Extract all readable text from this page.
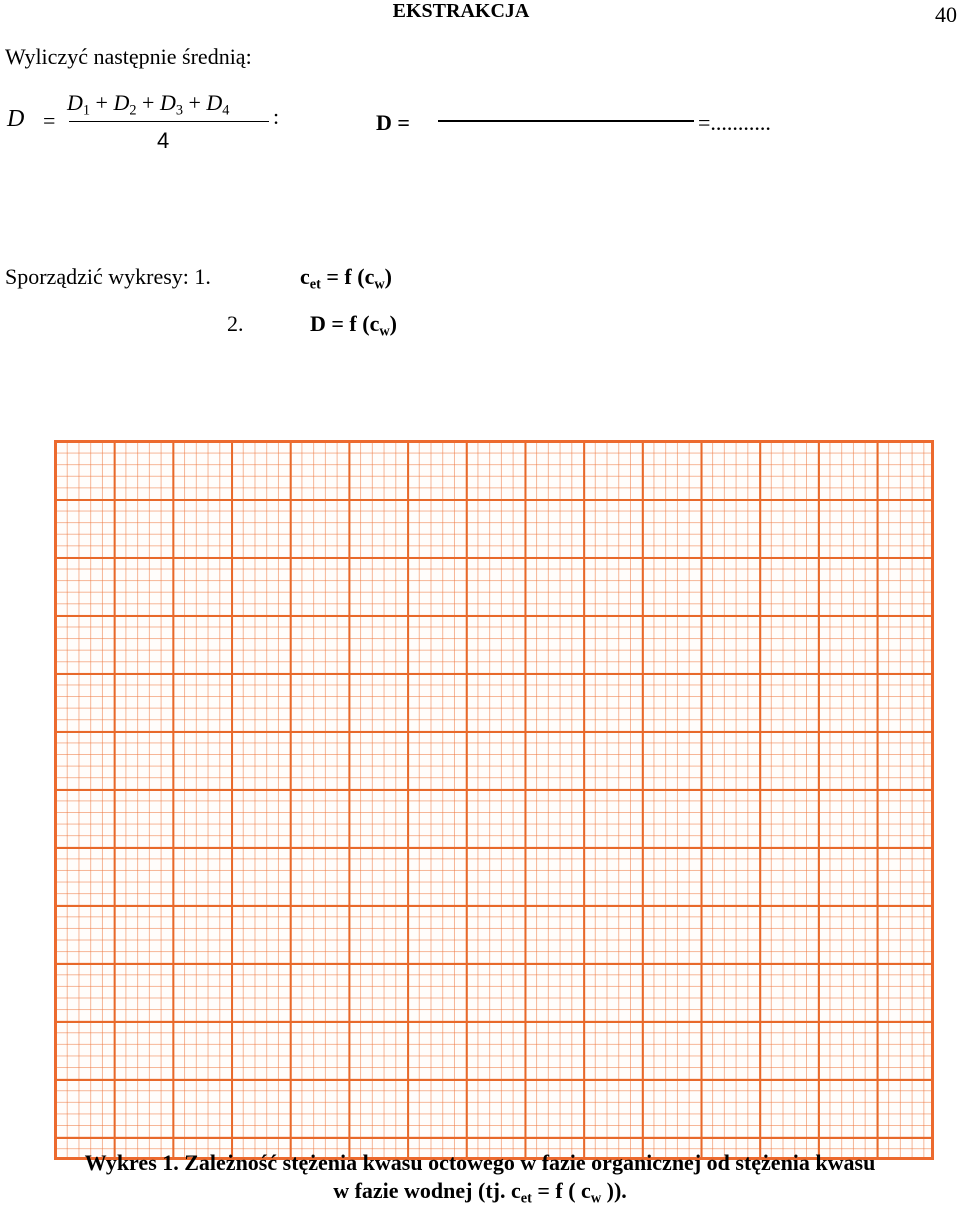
EKSTRAKCJA	40
Wyliczyć następnie średnią:
D =
$D_1 + D_2 + D_3 + D_4$ :
4
D =	=...........
Sporządzić wykresy: 1.	$c_{et} = f$ $(c_w)$
2.	D = f $(c_w)$
Wykres 1. Zależność stężenia kwasu octowego w fazie organicznej od stężenia kwasu
w fazie wodnej (tj. $c_{et} = f$ ( $c_w$ )).
